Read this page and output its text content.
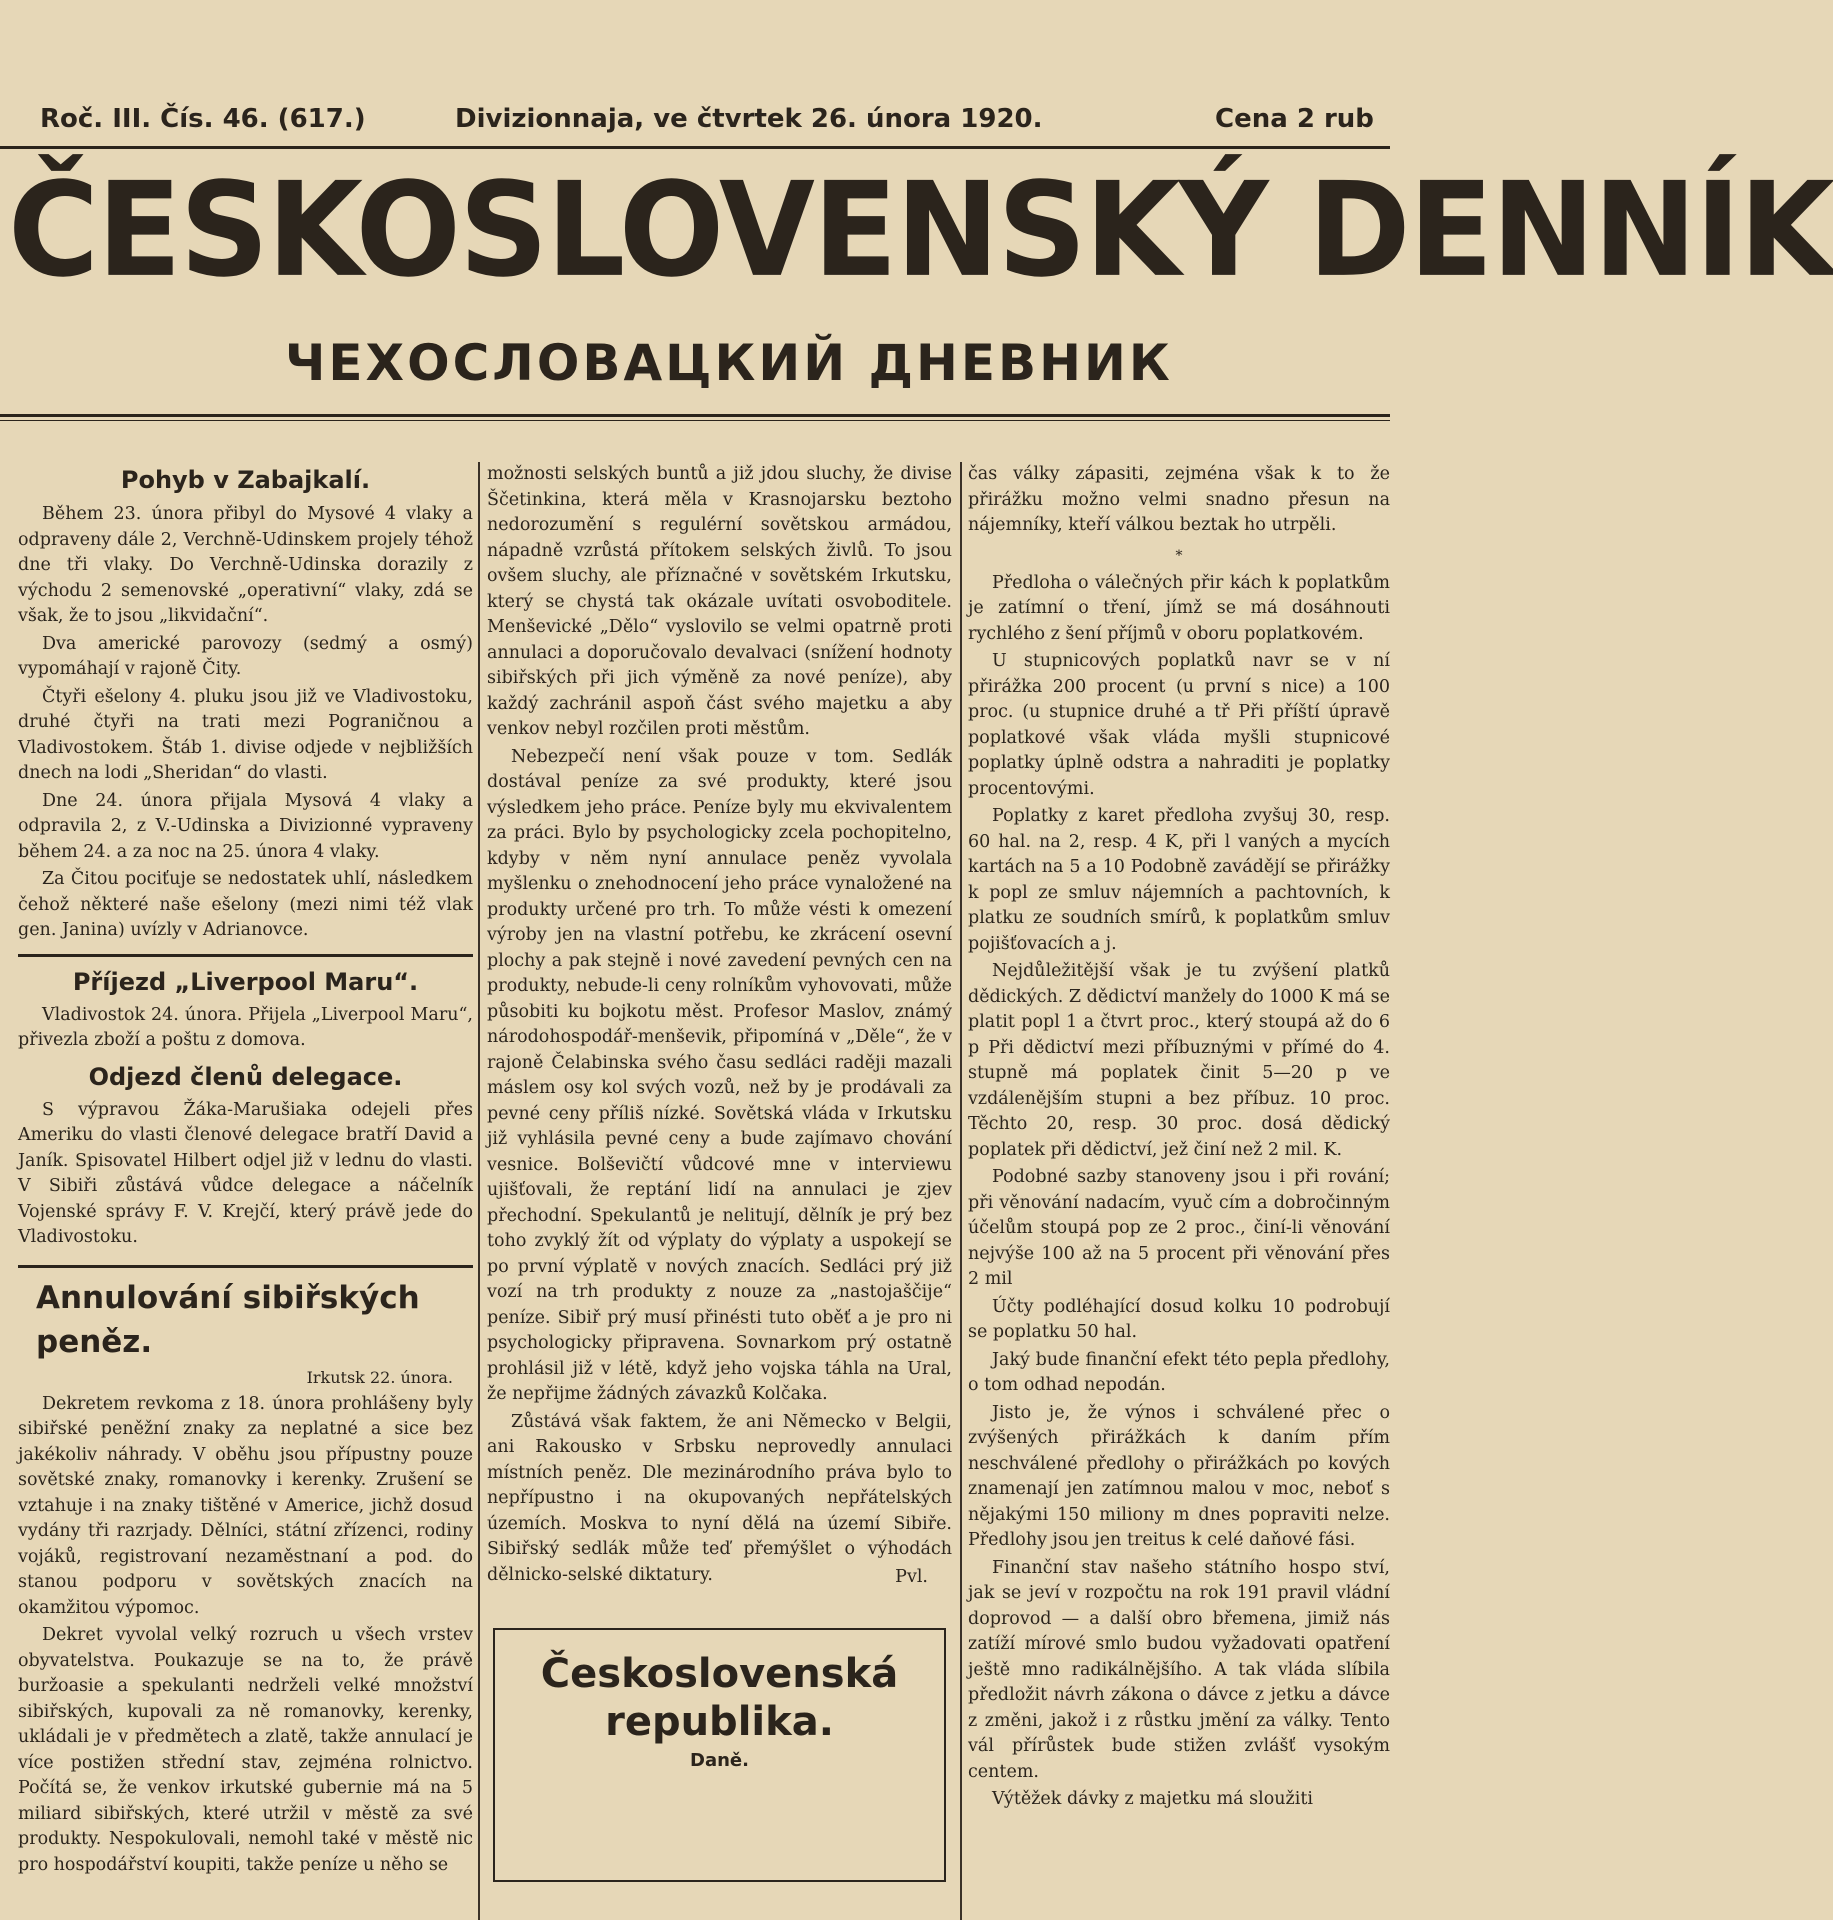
Roč. III. Čís. 46. (617.)	Divizionnaja, ve čtvrtek 26. února 1920.	Cena 2 rub
ČESKOSLOVENSKÝ DENNÍK
ЧЕХОСЛОВАЦКИЙ ДНЕВНИК
Pohyb v Zabajkalí.

Během 23. února přibyl do Mysové 4 vlaky a odpraveny dále 2, Verchně-Udinskem projely téhož dne tři vlaky. Do Verchně-Udinska dorazily z východu 2 semenovské „operativní“ vlaky, zdá se však, že to jsou „likvidační“.

Dva americké parovozy (sedmý a osmý) vypomáhají v rajoně Čity.

Čtyři ešelony 4. pluku jsou již ve Vladivostoku, druhé čtyři na trati mezi Pograničnou a Vladivostokem. Štáb 1. divise odjede v nejbližších dnech na lodi „Sheridan“ do vlasti.

Dne 24. února přijala Mysová 4 vlaky a odpravila 2, z V.-Udinska a Divizionné vypraveny během 24. a za noc na 25. února 4 vlaky.

Za Čitou pociťuje se nedostatek uhlí, následkem čehož některé naše ešelony (mezi nimi též vlak gen. Janina) uvízly v Adrianovce.

Příjezd „Liverpool Maru“.

Vladivostok 24. února. Přijela „Liverpool Maru“, přivezla zboží a poštu z domova.

Odjezd členů delegace.

S výpravou Žáka-Marušiaka odejeli přes Ameriku do vlasti členové delegace bratří David a Janík. Spisovatel Hilbert odjel již v lednu do vlasti. V Sibiři zůstává vůdce delegace a náčelník Vojenské správy F. V. Krejčí, který právě jede do Vladivostoku.

Annulování sibiřských peněz.
Irkutsk 22. února.

Dekretem revkoma z 18. února prohlášeny byly sibiřské peněžní znaky za neplatné a sice bez jakékoliv náhrady. V oběhu jsou přípustny pouze sovětské znaky, romanovky i kerenky. Zrušení se vztahuje i na znaky tištěné v Americe, jichž dosud vydány tři razrjady. Dělníci, státní zřízenci, rodiny vojáků, registrovaní nezaměstnaní a pod. do stanou podporu v sovětských znacích na okamžitou výpomoc.

Dekret vyvolal velký rozruch u všech vrstev obyvatelstva. Poukazuje se na to, že právě buržoasie a spekulanti nedrželi velké množství sibiřských, kupovali za ně romanovky, kerenky, ukládali je v předmětech a zlatě, takže annulací je více postižen střední stav, zejména rolnictvo. Počítá se, že venkov irkutské gubernie má na 5 miliard sibiřských, které utržil v městě za své produkty. Nespokulovali, nemohl také v městě nic pro hospodářství koupiti, takže peníze u něho se

možnosti selských buntů a již jdou sluchy, že divise Ščetinkina, která měla v Krasnojarsku beztoho nedorozumění s regulérní sovětskou armádou, nápadně vzrůstá přítokem selských živlů. To jsou ovšem sluchy, ale příznačné v sovětském Irkutsku, který se chystá tak okázale uvítati osvoboditele. Menševické „Dělo“ vyslovilo se velmi opatrně proti annulaci a doporučovalo devalvaci (snížení hodnoty sibiřských při jich výměně za nové peníze), aby každý zachránil aspoň část svého majetku a aby venkov nebyl rozčilen proti městům.

Nebezpečí není však pouze v tom. Sedlák dostával peníze za své produkty, které jsou výsledkem jeho práce. Peníze byly mu ekvivalentem za práci. Bylo by psychologicky zcela pochopitelno, kdyby v něm nyní annulace peněz vyvolala myšlenku o znehodnocení jeho práce vynaložené na produkty určené pro trh. To může vésti k omezení výroby jen na vlastní potřebu, ke zkrácení osevní plochy a pak stejně i nové zavedení pevných cen na produkty, nebude-li ceny rolníkům vyhovovati, může působiti ku bojkotu měst. Profesor Maslov, známý národohospodář-menševik, připomíná v „Děle“, že v rajoně Čelabinska svého času sedláci raději mazali máslem osy kol svých vozů, než by je prodávali za pevné ceny příliš nízké. Sovětská vláda v Irkutsku již vyhlásila pevné ceny a bude zajímavo chování vesnice. Bolševičtí vůdcové mne v interviewu ujišťovali, že reptání lidí na annulaci je zjev přechodní. Spekulantů je nelitují, dělník je prý bez toho zvyklý žít od výplaty do výplaty a uspokejí se po první výplatě v nových znacích. Sedláci prý již vozí na trh produkty z nouze za „nastojaščije“ peníze. Sibiř prý musí přinésti tuto oběť a je pro ni psychologicky připravena. Sovnarkom prý ostatně prohlásil již v létě, když jeho vojska táhla na Ural, že nepřijme žádných závazků Kolčaka.

Zůstává však faktem, že ani Německo v Belgii, ani Rakousko v Srbsku neprovedly annulaci místních peněz. Dle mezinárodního práva bylo to nepřípustno i na okupovaných nepřátelských územích. Moskva to nyní dělá na území Sibiře. Sibiřský sedlák může teď přemýšlet o výhodách dělnicko-selské diktatury.	Pvl.
Československá
republika.
Daně.

čas války zápasiti, zejména však k to že přirážku možno velmi snadno přesun na nájemníky, kteří válkou beztak ho utrpěli.

*

Předloha o válečných přir kách k poplatkům je zatímní o tření, jímž se má dosáhnouti rychlého z šení příjmů v oboru poplatkovém.

U stupnicových poplatků navr se v ní přirážka 200 procent (u první s nice) a 100 proc. (u stupnice druhé a tř Při příští úpravě poplatkové však vláda myšli stupnicové poplatky úplně odstra a nahraditi je poplatky procentovými.

Poplatky z karet předloha zvyšuj 30, resp. 60 hal. na 2, resp. 4 K, při l vaných a mycích kartách na 5 a 10 Podobně zavádějí se přirážky k popl ze smluv nájemních a pachtovních, k platku ze soudních smírů, k poplatkům smluv pojišťovacích a j.

Nejdůležitější však je tu zvýšení platků dědických. Z dědictví manžely do 1000 K má se platit popl 1 a čtvrt proc., který stoupá až do 6 p Při dědictví mezi příbuznými v přímé do 4. stupně má poplatek činit 5—20 p ve vzdálenějším stupni a bez příbuz. 10 proc. Těchto 20, resp. 30 proc. dosá dědický poplatek při dědictví, jež činí než 2 mil. K.

Podobné sazby stanoveny jsou i při rování; při věnování nadacím, vyuč cím a dobročinným účelům stoupá pop ze 2 proc., činí-li věnování nejvýše 100 až na 5 procent při věnování přes 2 mil

Účty podléhající dosud kolku 10 podrobují se poplatku 50 hal.

Jaký bude finanční efekt této pepla předlohy, o tom odhad nepodán.

Jisto je, že výnos i schválené přec o zvýšených přirážkách k daním přím neschválené předlohy o přirážkách po kových znamenají jen zatímnou malou v moc, neboť s nějakými 150 miliony m dnes popraviti nelze. Předlohy jsou jen treitus k celé daňové fási.

Finanční stav našeho státního hospo ství, jak se jeví v rozpočtu na rok 191 pravil vládní doprovod — a další obro břemena, jimiž nás zatíží mírové smlo budou vyžadovati opatření ještě mno radikálnějšího. A tak vláda slíbila předložit návrh zákona o dávce z jetku a dávce z změni, jakož i z růstku jmění za války. Tento vál přírůstek bude stižen zvlášť vysokým centem.

Výtěžek dávky z majetku má sloužiti
